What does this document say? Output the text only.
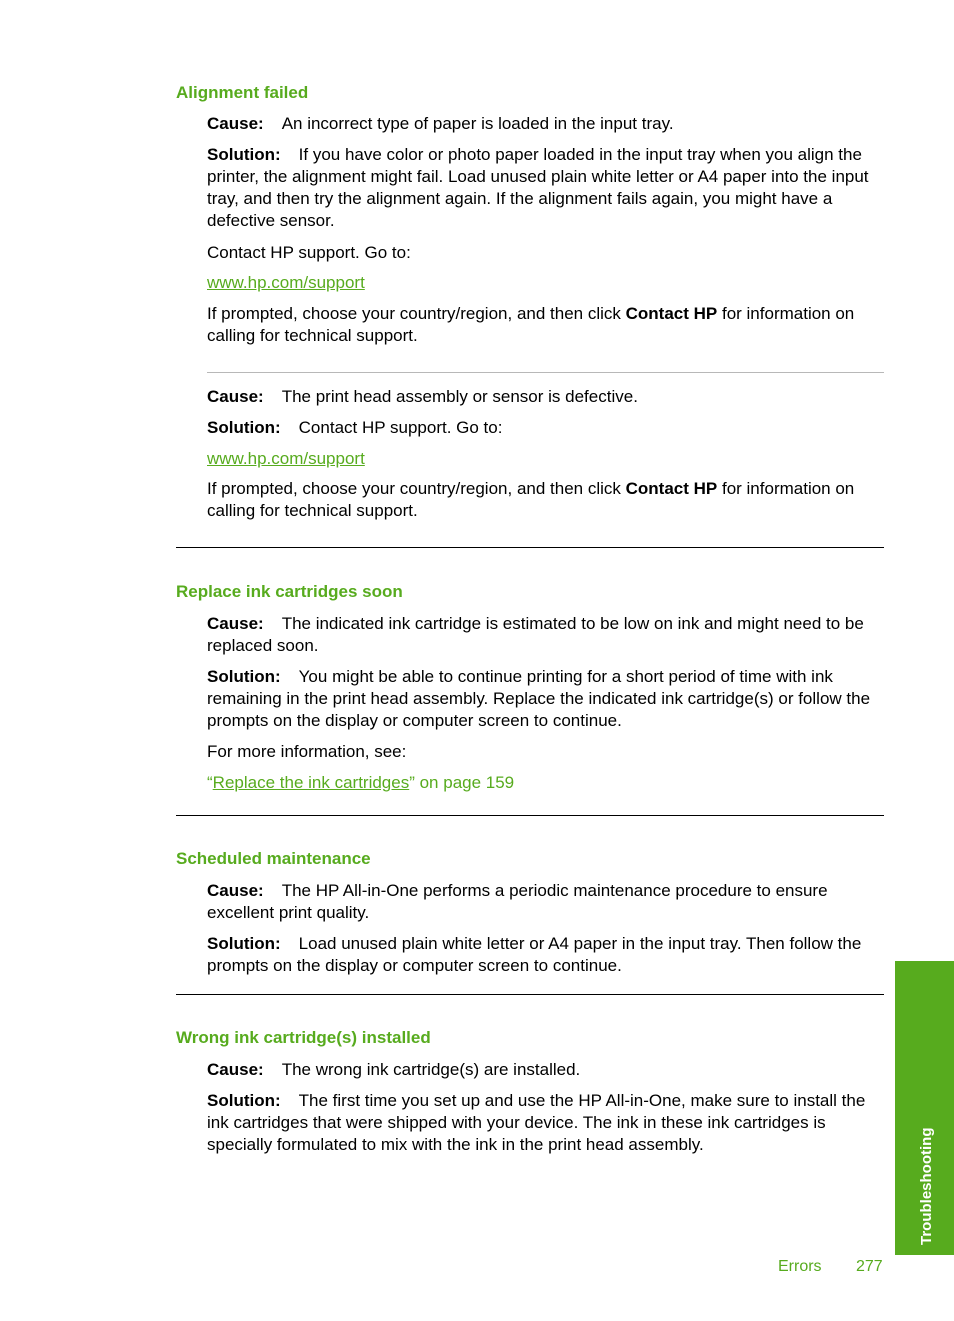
Alignment failed

Cause: An incorrect type of paper is loaded in the input tray.

Solution: If you have color or photo paper loaded in the input tray when you align the printer, the alignment might fail. Load unused plain white letter or A4 paper into the input tray, and then try the alignment again. If the alignment fails again, you might have a defective sensor.

Contact HP support. Go to:

www.hp.com/support

If prompted, choose your country/region, and then click Contact HP for information on calling for technical support.

Cause: The print head assembly or sensor is defective.

Solution: Contact HP support. Go to:

www.hp.com/support

If prompted, choose your country/region, and then click Contact HP for information on calling for technical support.

Replace ink cartridges soon

Cause: The indicated ink cartridge is estimated to be low on ink and might need to be replaced soon.

Solution: You might be able to continue printing for a short period of time with ink remaining in the print head assembly. Replace the indicated ink cartridge(s) or follow the prompts on the display or computer screen to continue.

For more information, see:

“Replace the ink cartridges” on page 159

Scheduled maintenance

Cause: The HP All-in-One performs a periodic maintenance procedure to ensure excellent print quality.

Solution: Load unused plain white letter or A4 paper in the input tray. Then follow the prompts on the display or computer screen to continue.

Wrong ink cartridge(s) installed

Cause: The wrong ink cartridge(s) are installed.

Solution: The first time you set up and use the HP All-in-One, make sure to install the ink cartridges that were shipped with your device. The ink in these ink cartridges is specially formulated to mix with the ink in the print head assembly.	Troubleshooting
Errors 277
